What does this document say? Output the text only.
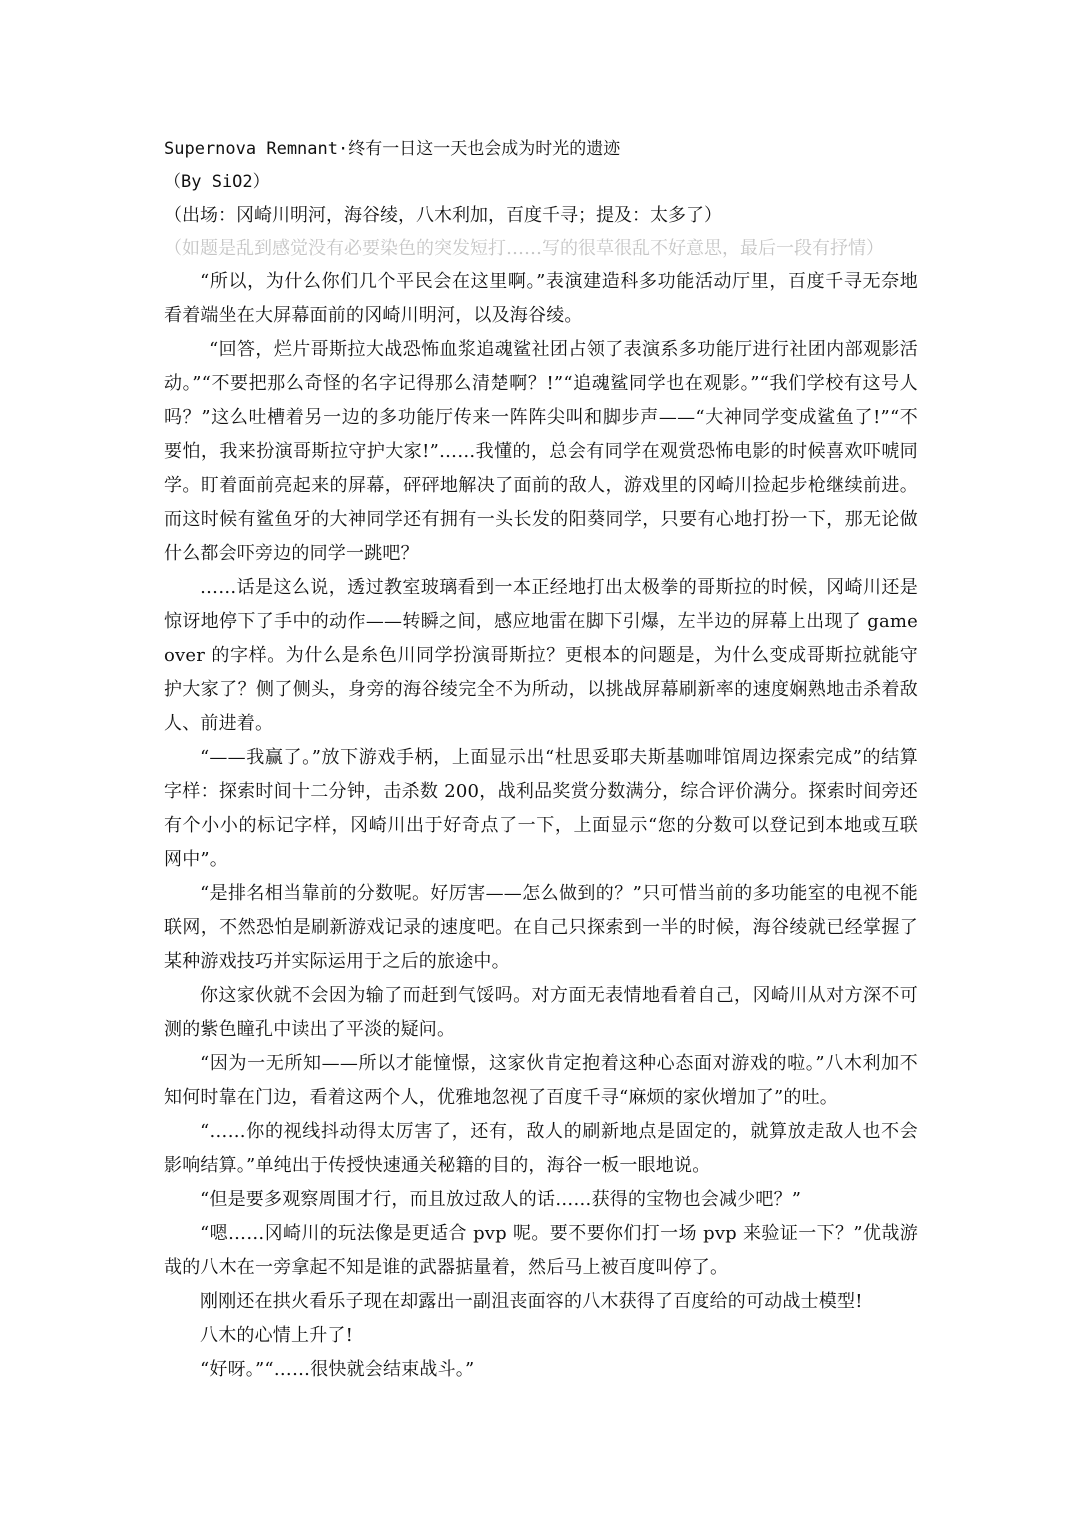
Supernova Remnant·终有一日这一天也会成为时光的遗迹
（By SiO2）
（出场：冈崎川明河，海谷绫，八木利加，百度千寻；提及：太多了）
（如题是乱到感觉没有必要染色的突发短打……写的很草很乱不好意思，最后一段有抒情）

“所以，为什么你们几个平民会在这里啊。”表演建造科多功能活动厅里，百度千寻无奈地看着端坐在大屏幕面前的冈崎川明河，以及海谷绫。

“回答，烂片哥斯拉大战恐怖血浆追魂鲨社团占领了表演系多功能厅进行社团内部观影活动。”“不要把那么奇怪的名字记得那么清楚啊？!”“追魂鲨同学也在观影。”“我们学校有这号人吗？”这么吐槽着另一边的多功能厅传来一阵阵尖叫和脚步声——“大神同学变成鲨鱼了!”“不要怕，我来扮演哥斯拉守护大家!”……我懂的，总会有同学在观赏恐怖电影的时候喜欢吓唬同学。盯着面前亮起来的屏幕，砰砰地解决了面前的敌人，游戏里的冈崎川捡起步枪继续前进。而这时候有鲨鱼牙的大神同学还有拥有一头长发的阳葵同学，只要有心地打扮一下，那无论做什么都会吓旁边的同学一跳吧？

……话是这么说，透过教室玻璃看到一本正经地打出太极拳的哥斯拉的时候，冈崎川还是惊讶地停下了手中的动作——转瞬之间，感应地雷在脚下引爆，左半边的屏幕上出现了 game over 的字样。为什么是糸色川同学扮演哥斯拉？更根本的问题是，为什么变成哥斯拉就能守护大家了？侧了侧头，身旁的海谷绫完全不为所动，以挑战屏幕刷新率的速度娴熟地击杀着敌人、前进着。

“——我赢了。”放下游戏手柄，上面显示出“杜思妥耶夫斯基咖啡馆周边探索完成”的结算字样：探索时间十二分钟，击杀数 200，战利品奖赏分数满分，综合评价满分。探索时间旁还有个小小的标记字样，冈崎川出于好奇点了一下，上面显示“您的分数可以登记到本地或互联网中”。

“是排名相当靠前的分数呢。好厉害——怎么做到的？”只可惜当前的多功能室的电视不能联网，不然恐怕是刷新游戏记录的速度吧。在自己只探索到一半的时候，海谷绫就已经掌握了某种游戏技巧并实际运用于之后的旅途中。

你这家伙就不会因为输了而赶到气馁吗。对方面无表情地看着自己，冈崎川从对方深不可测的紫色瞳孔中读出了平淡的疑问。

“因为一无所知——所以才能憧憬，这家伙肯定抱着这种心态面对游戏的啦。”八木利加不知何时靠在门边，看着这两个人，优雅地忽视了百度千寻“麻烦的家伙增加了”的吐。

“……你的视线抖动得太厉害了，还有，敌人的刷新地点是固定的，就算放走敌人也不会影响结算。”单纯出于传授快速通关秘籍的目的，海谷一板一眼地说。

“但是要多观察周围才行，而且放过敌人的话……获得的宝物也会减少吧？”

“嗯……冈崎川的玩法像是更适合 pvp 呢。要不要你们打一场 pvp 来验证一下？”优哉游哉的八木在一旁拿起不知是谁的武器掂量着，然后马上被百度叫停了。

刚刚还在拱火看乐子现在却露出一副沮丧面容的八木获得了百度给的可动战士模型!

八木的心情上升了!

“好呀。”“……很快就会结束战斗。”
